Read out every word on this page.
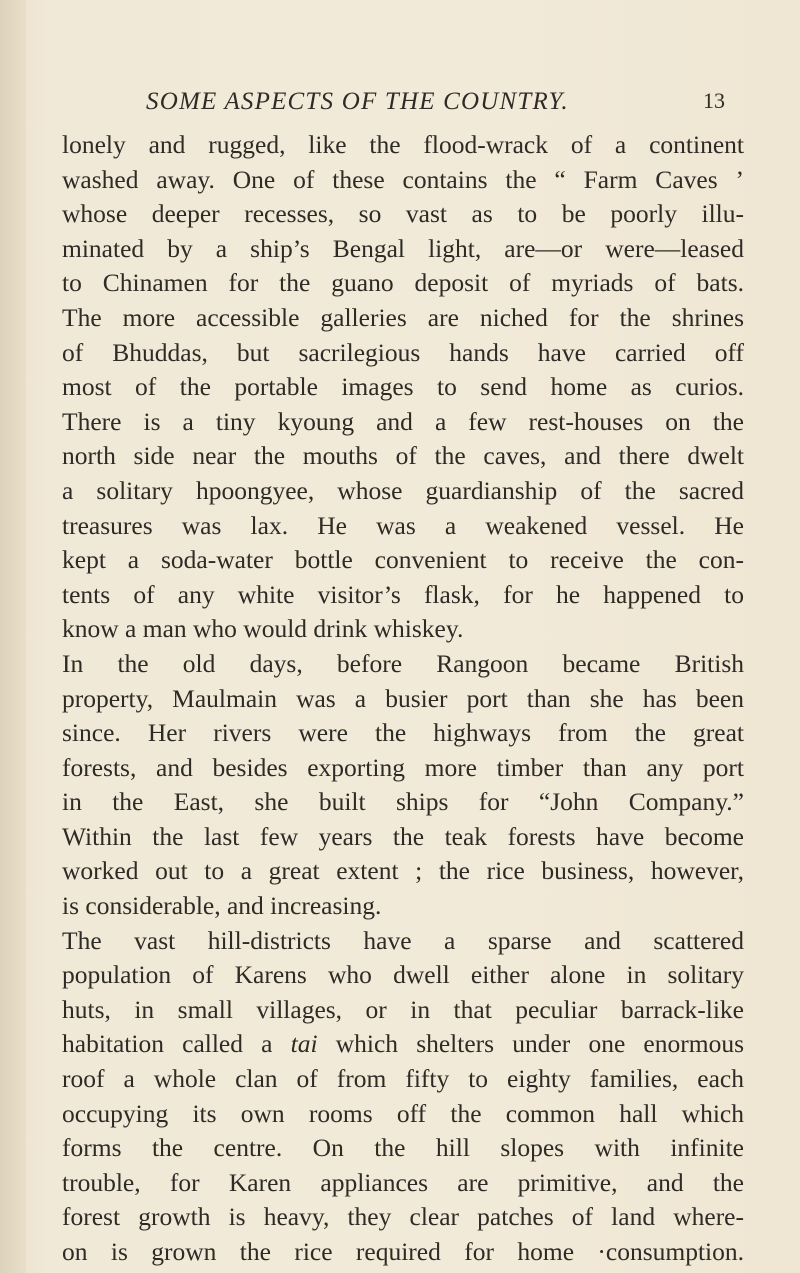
SOME ASPECTS OF THE COUNTRY.	13
lonely and rugged, like the flood-wrack of a continent
washed away. One of these contains the “ Farm Caves ’
whose deeper recesses, so vast as to be poorly illu-
minated by a ship’s Bengal light, are—or were—leased
to Chinamen for the guano deposit of myriads of bats.
The more accessible galleries are niched for the shrines
of Bhuddas, but sacrilegious hands have carried off
most of the portable images to send home as curios.
There is a tiny kyoung and a few rest-houses on the
north side near the mouths of the caves, and there dwelt
a solitary hpoongyee, whose guardianship of the sacred
treasures was lax. He was a weakened vessel. He
kept a soda-water bottle convenient to receive the con-
tents of any white visitor’s flask, for he happened to
know a man who would drink whiskey.
In the old days, before Rangoon became British
property, Maulmain was a busier port than she has been
since. Her rivers were the highways from the great
forests, and besides exporting more timber than any port
in the East, she built ships for “John Company.”
Within the last few years the teak forests have become
worked out to a great extent ; the rice business, however,
is considerable, and increasing.
The vast hill-districts have a sparse and scattered
population of Karens who dwell either alone in solitary
huts, in small villages, or in that peculiar barrack-like
habitation called a tai which shelters under one enormous
roof a whole clan of from fifty to eighty families, each
occupying its own rooms off the common hall which
forms the centre. On the hill slopes with infinite
trouble, for Karen appliances are primitive, and the
forest growth is heavy, they clear patches of land where-
on is grown the rice required for home ·consumption.
